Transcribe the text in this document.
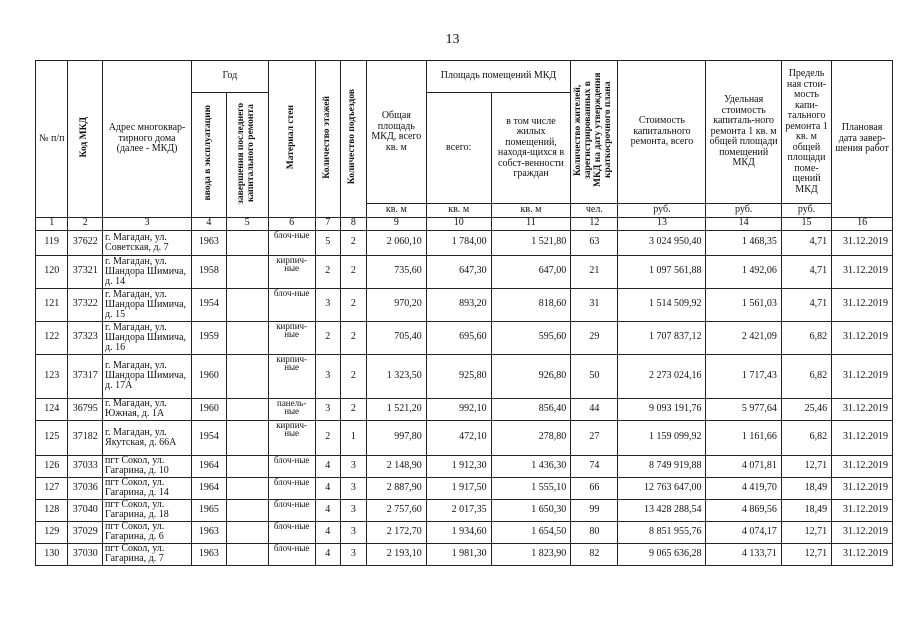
13
№ п/п	Код МКД	Адрес многоквар-тирного дома (далее - МКД)	Год		Материал стен	Количество этажей	Количество подъездов	Общая площадь МКД, всего кв. м	Площадь помещений МКД		Количество жителей, зарегистрированных в МКД на дату утверждения краткосрочного плана	Стоимость капитального ремонта, всего	Удельная стоимость капиталь-ного ремонта 1 кв. м общей площади помещений МКД	Предель ная стои-мость капи-тального ремонта 1 кв. м общей площади поме-щений МКД	Плановая дата завер-шения работ
			ввода в эксплуатацию	завершения последнего капитального ремонта					всего:	в том числе жилых помещений, находя-щихся в собст-венности граждан					
								кв. м	кв. м	кв. м	чел.	руб.	руб.	руб.	
1	2	3	4	5	6	7	8	9	10	11	12	13	14	15	16
119	37622	г. Магадан, ул. Советская, д. 7	1963		блоч-ные	5	2	2 060,10	1 784,00	1 521,80	63	3 024 950,40	1 468,35	4,71	31.12.2019
120	37321	г. Магадан, ул. Шандора Шимича, д. 14	1958		кирпич-ные	2	2	735,60	647,30	647,00	21	1 097 561,88	1 492,06	4,71	31.12.2019
121	37322	г. Магадан, ул. Шандора Шимича, д. 15	1954		блоч-ные	3	2	970,20	893,20	818,60	31	1 514 509,92	1 561,03	4,71	31.12.2019
122	37323	г. Магадан, ул. Шандора Шимича, д. 16	1959		кирпич-ные	2	2	705,40	695,60	595,60	29	1 707 837,12	2 421,09	6,82	31.12.2019
123	37317	г. Магадан, ул. Шандора Шимича, д. 17А	1960		кирпич-ные	3	2	1 323,50	925,80	926,80	50	2 273 024,16	1 717,43	6,82	31.12.2019
124	36795	г. Магадан, ул. Южная, д. 1А	1960		панель-ные	3	2	1 521,20	992,10	856,40	44	9 093 191,76	5 977,64	25,46	31.12.2019
125	37182	г. Магадан, ул. Якутская, д. 66А	1954		кирпич-ные	2	1	997,80	472,10	278,80	27	1 159 099,92	1 161,66	6,82	31.12.2019
126	37033	пгт Сокол, ул. Гагарина, д. 10	1964		блоч-ные	4	3	2 148,90	1 912,30	1 436,30	74	8 749 919,88	4 071,81	12,71	31.12.2019
127	37036	пгт Сокол, ул. Гагарина, д. 14	1964		блоч-ные	4	3	2 887,90	1 917,50	1 555,10	66	12 763 647,00	4 419,70	18,49	31.12.2019
128	37040	пгт Сокол, ул. Гагарина, д. 18	1965		блоч-ные	4	3	2 757,60	2 017,35	1 650,30	99	13 428 288,54	4 869,56	18,49	31.12.2019
129	37029	пгт Сокол, ул. Гагарина, д. 6	1963		блоч-ные	4	3	2 172,70	1 934,60	1 654,50	80	8 851 955,76	4 074,17	12,71	31.12.2019
130	37030	пгт Сокол, ул. Гагарина, д. 7	1963		блоч-ные	4	3	2 193,10	1 981,30	1 823,90	82	9 065 636,28	4 133,71	12,71	31.12.2019
